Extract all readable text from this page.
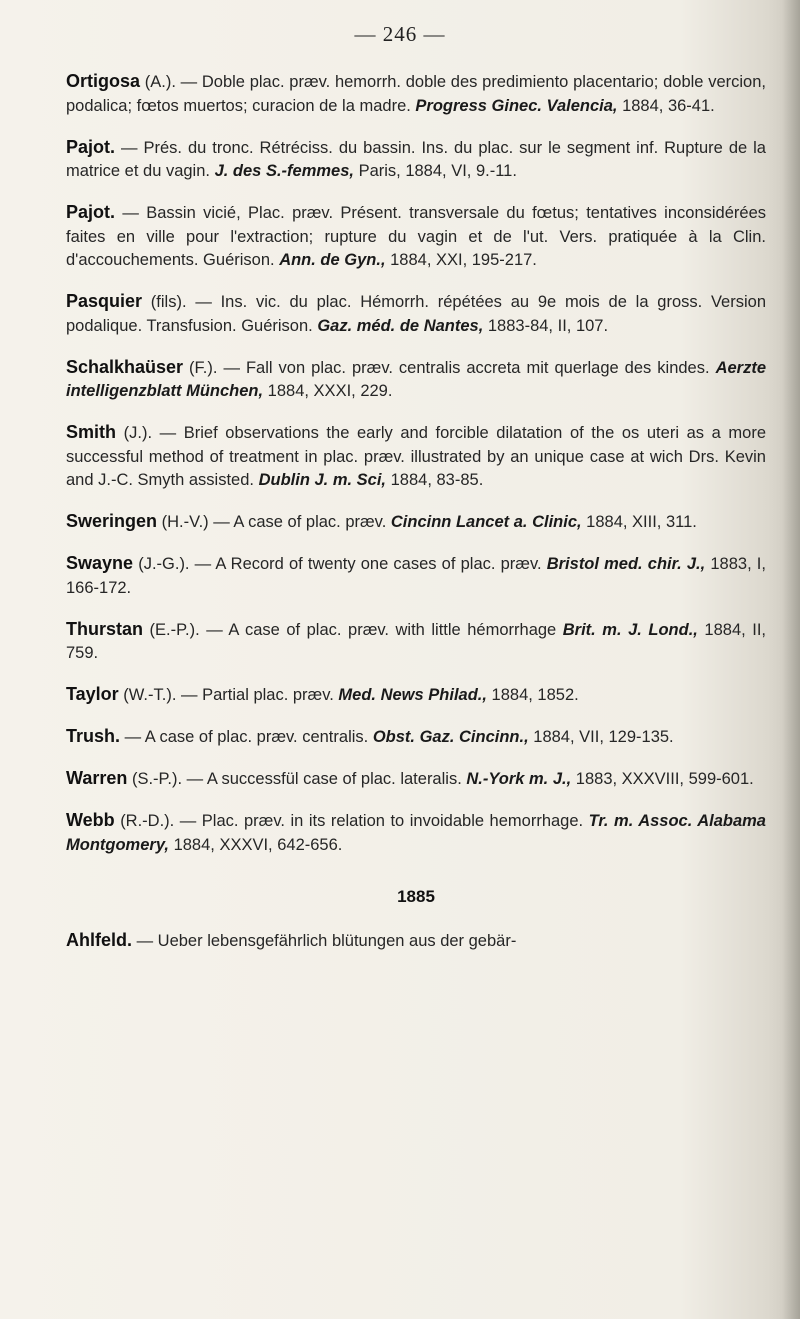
— 246 —

Ortigosa (A.). — Doble plac. præv. hemorrh. doble des predimiento placentario; doble vercion, podalica; fœtos muertos; curacion de la madre. Progress Ginec. Valencia, 1884, 36-41.

Pajot. — Prés. du tronc. Rétréciss. du bassin. Ins. du plac. sur le segment inf. Rupture de la matrice et du vagin. J. des S.-femmes, Paris, 1884, VI, 9.-11.

Pajot. — Bassin vicié, Plac. præv. Présent. transversale du fœtus; tentatives inconsidérées faites en ville pour l'extraction; rupture du vagin et de l'ut. Vers. pratiquée à la Clin. d'accouchements. Guérison. Ann. de Gyn., 1884, XXI, 195-217.

Pasquier (fils). — Ins. vic. du plac. Hémorrh. répétées au 9e mois de la gross. Version podalique. Transfusion. Guérison. Gaz. méd. de Nantes, 1883-84, II, 107.

Schalkhaüser (F.). — Fall von plac. præv. centralis accreta mit querlage des kindes. Aerzte intelligenzblatt München, 1884, XXXI, 229.

Smith (J.). — Brief observations the early and forcible dilatation of the os uteri as a more successful method of treatment in plac. præv. illustrated by an unique case at wich Drs. Kevin and J.-C. Smyth assisted. Dublin J. m. Sci, 1884, 83-85.

Sweringen (H.-V.) — A case of plac. præv. Cincinn Lancet a. Clinic, 1884, XIII, 311.

Swayne (J.-G.). — A Record of twenty one cases of plac. præv. Bristol med. chir. J., 1883, I, 166-172.

Thurstan (E.-P.). — A case of plac. præv. with little hémorrhage Brit. m. J. Lond., 1884, II, 759.

Taylor (W.-T.). — Partial plac. præv. Med. News Philad., 1884, 1852.

Trush. — A case of plac. præv. centralis. Obst. Gaz. Cincinn., 1884, VII, 129-135.

Warren (S.-P.). — A successfül case of plac. lateralis. N.-York m. J., 1883, XXXVIII, 599-601.

Webb (R.-D.). — Plac. præv. in its relation to invoidable hemorrhage. Tr. m. Assoc. Alabama Montgomery, 1884, XXXVI, 642-656.

1885

Ahlfeld. — Ueber lebensgefährlich blütungen aus der gebär-
